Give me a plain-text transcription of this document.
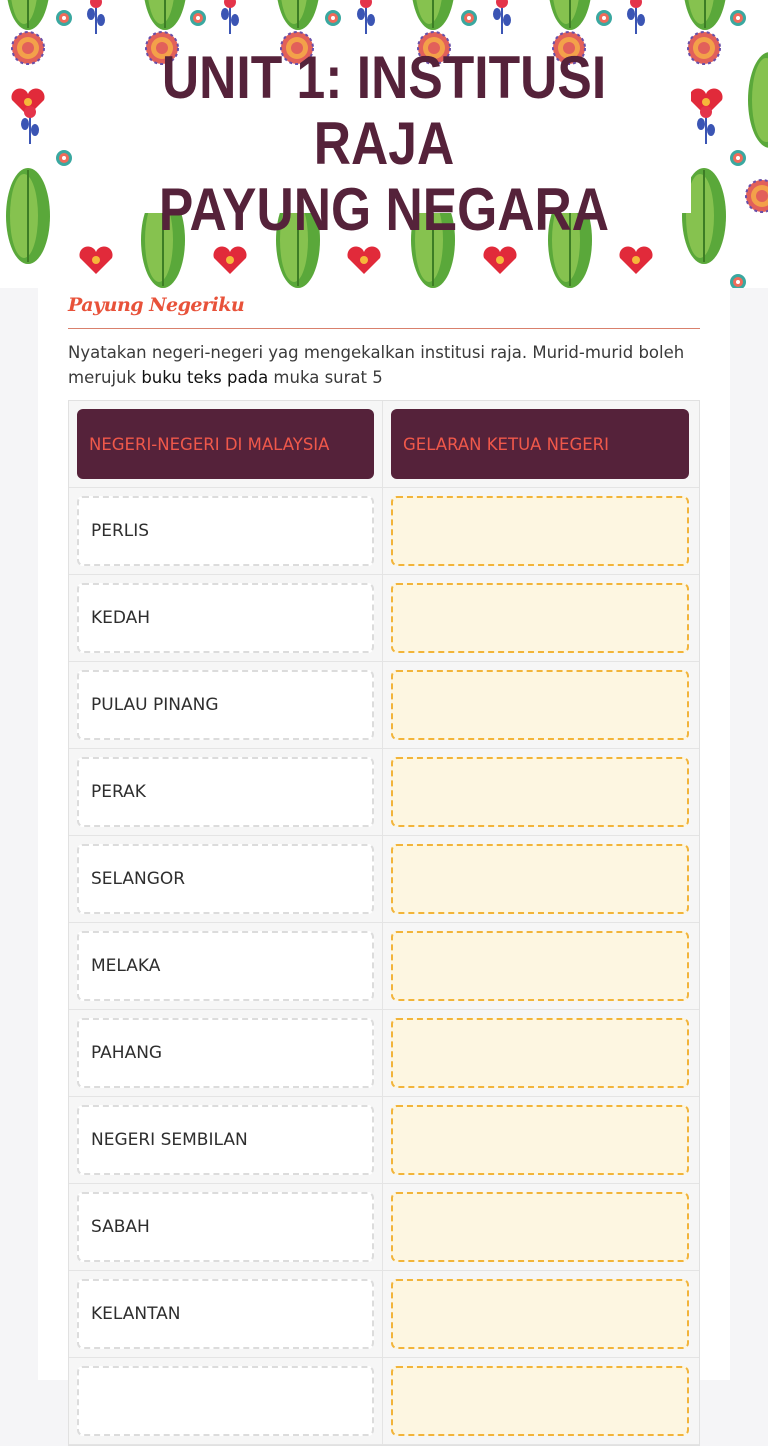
UNIT 1: INSTITUSI RAJA
PAYUNG NEGARA
Payung Negeriku
Nyatakan negeri-negeri yag mengekalkan institusi raja. Murid-murid boleh merujuk buku teks pada muka surat 5
NEGERI-NEGERI DI MALAYSIA	GELARAN KETUA NEGERI
PERLIS
KEDAH
PULAU PINANG
PERAK
SELANGOR
MELAKA
PAHANG
NEGERI SEMBILAN
SABAH
KELANTAN
